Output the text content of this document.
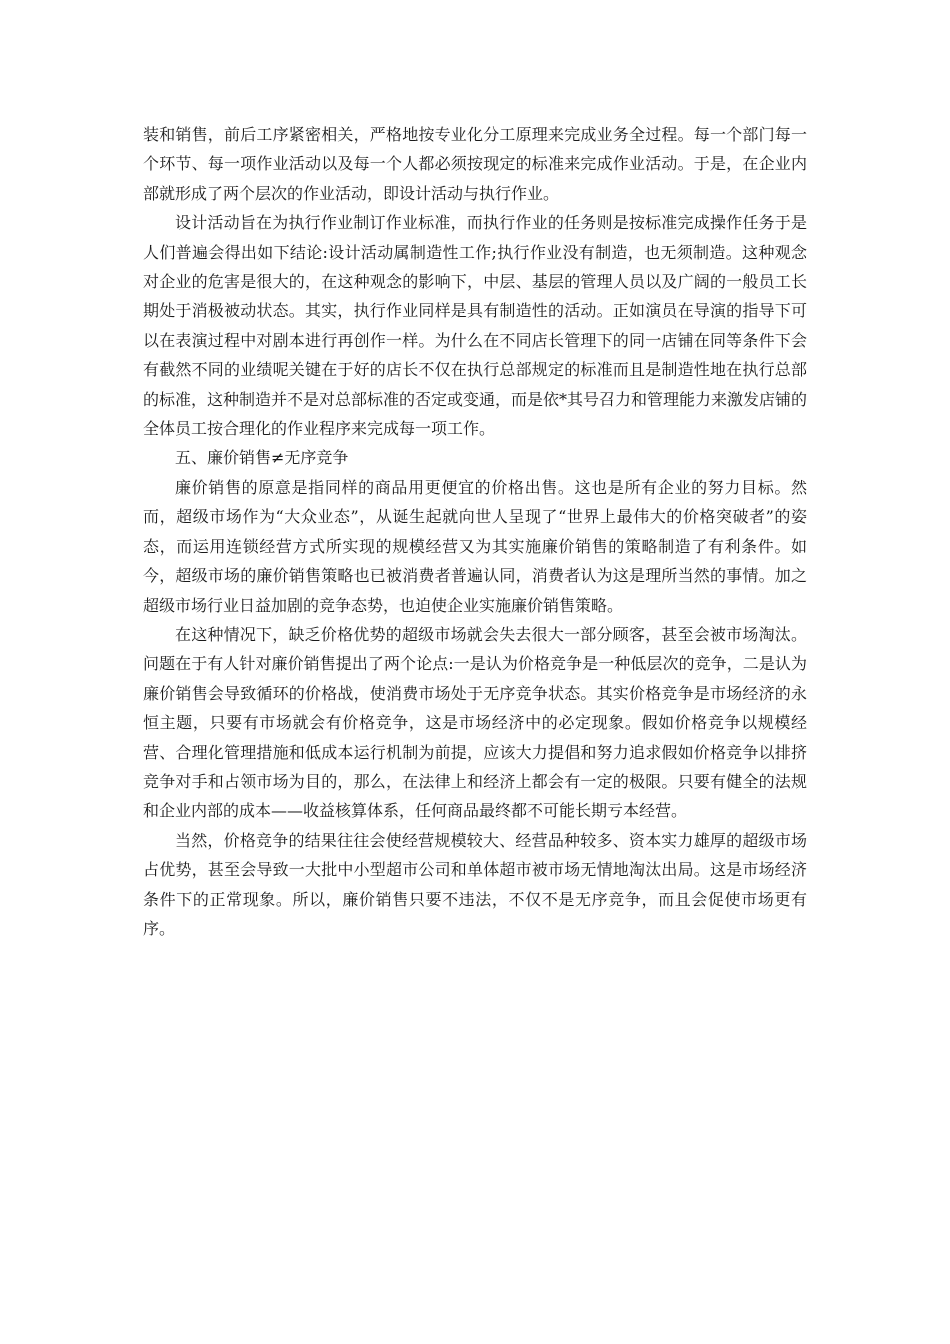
装和销售，前后工序紧密相关，严格地按专业化分工原理来完成业务全过程。每一个部门每一个环节、每一项作业活动以及每一个人都必须按现定的标准来完成作业活动。于是，在企业内部就形成了两个层次的作业活动，即设计活动与执行作业。

设计活动旨在为执行作业制订作业标准，而执行作业的任务则是按标准完成操作任务于是人们普遍会得出如下结论:设计活动属制造性工作;执行作业没有制造，也无须制造。这种观念对企业的危害是很大的，在这种观念的影响下，中层、基层的管理人员以及广阔的一般员工长期处于消极被动状态。其实，执行作业同样是具有制造性的活动。正如演员在导演的指导下可以在表演过程中对剧本进行再创作一样。为什么在不同店长管理下的同一店铺在同等条件下会有截然不同的业绩呢关键在于好的店长不仅在执行总部规定的标准而且是制造性地在执行总部的标准，这种制造并不是对总部标准的否定或变通，而是依*其号召力和管理能力来激发店铺的全体员工按合理化的作业程序来完成每一项工作。

五、廉价销售≠无序竞争

廉价销售的原意是指同样的商品用更便宜的价格出售。这也是所有企业的努力目标。然而，超级市场作为“大众业态”，从诞生起就向世人呈现了“世界上最伟大的价格突破者”的姿态，而运用连锁经营方式所实现的规模经营又为其实施廉价销售的策略制造了有利条件。如今，超级市场的廉价销售策略也已被消费者普遍认同，消费者认为这是理所当然的事情。加之超级市场行业日益加剧的竞争态势，也迫使企业实施廉价销售策略。

在这种情况下，缺乏价格优势的超级市场就会失去很大一部分顾客，甚至会被市场淘汰。问题在于有人针对廉价销售提出了两个论点:一是认为价格竞争是一种低层次的竞争，二是认为廉价销售会导致循环的价格战，使消费市场处于无序竞争状态。其实价格竞争是市场经济的永恒主题，只要有市场就会有价格竞争，这是市场经济中的必定现象。假如价格竞争以规模经营、合理化管理措施和低成本运行机制为前提，应该大力提倡和努力追求假如价格竞争以排挤竞争对手和占领市场为目的，那么，在法律上和经济上都会有一定的极限。只要有健全的法规和企业内部的成本——收益核算体系，任何商品最终都不可能长期亏本经营。

当然，价格竞争的结果往往会使经营规模较大、经营品种较多、资本实力雄厚的超级市场占优势，甚至会导致一大批中小型超市公司和单体超市被市场无情地淘汰出局。这是市场经济条件下的正常现象。所以，廉价销售只要不违法，不仅不是无序竞争，而且会促使市场更有序。
